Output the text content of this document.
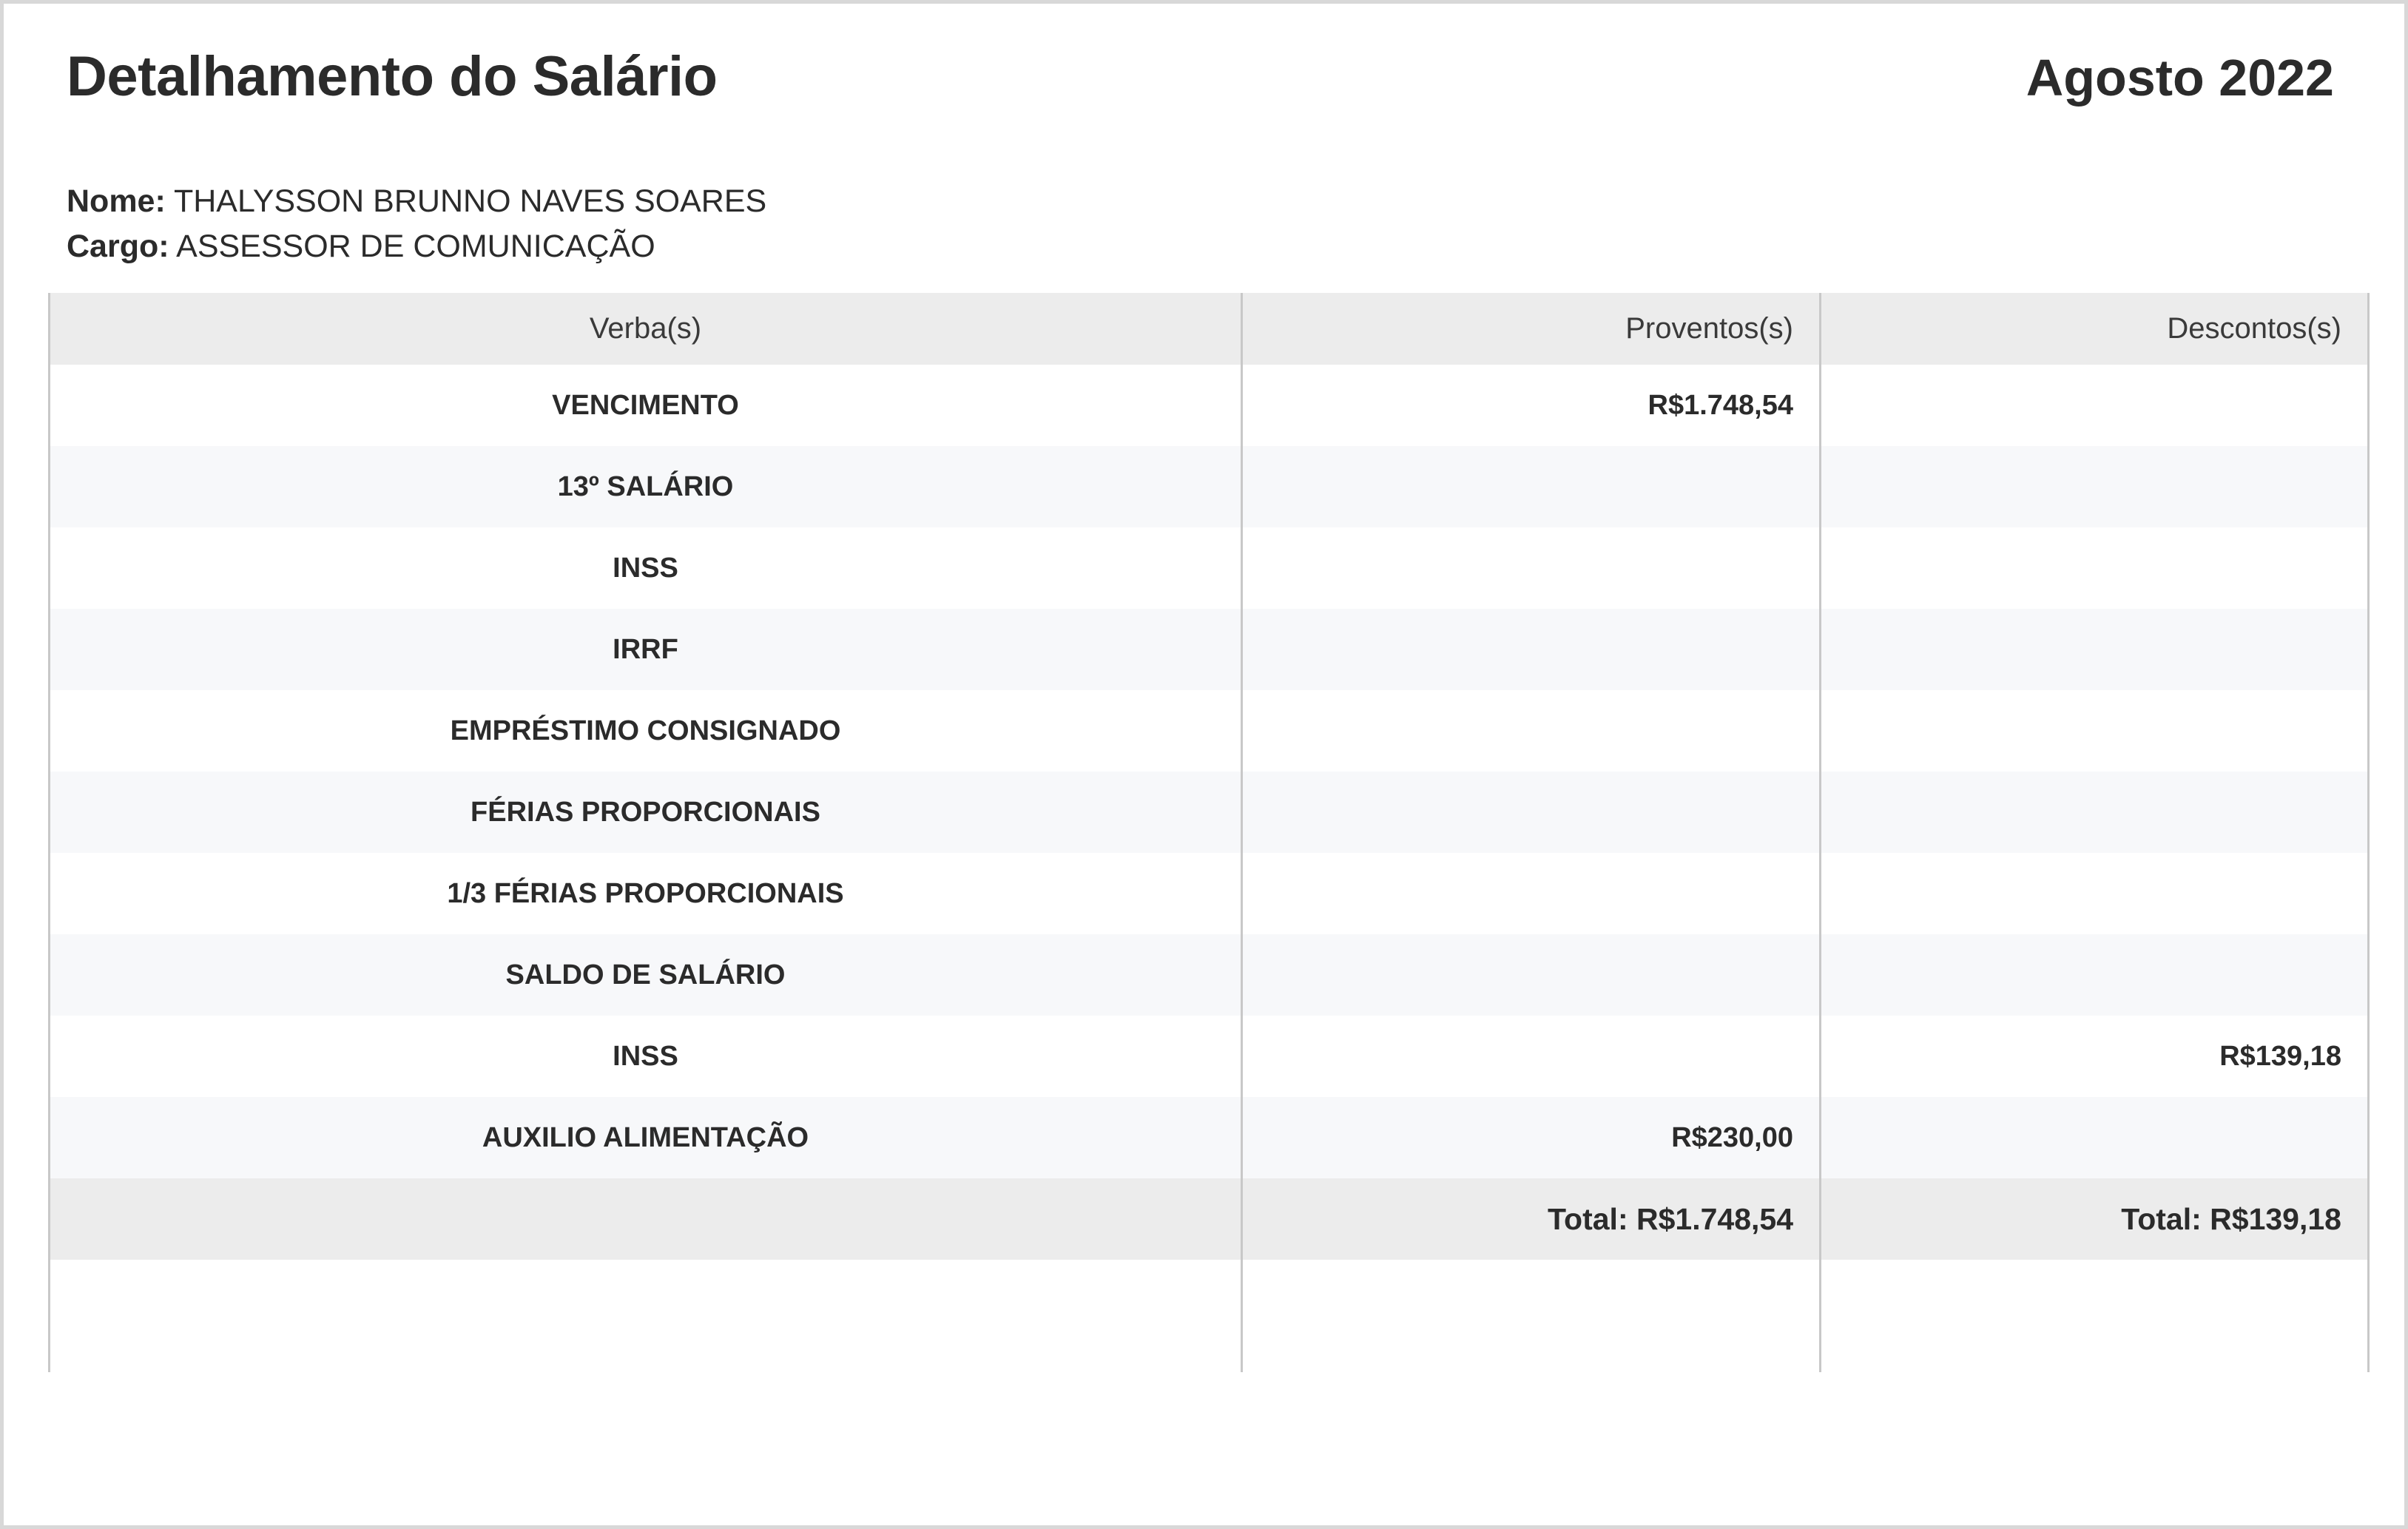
Detalhamento do Salário	Agosto 2022
Nome: THALYSSON BRUNNO NAVES SOARES
Cargo: ASSESSOR DE COMUNICAÇÃO
Verba(s)	Proventos(s)	Descontos(s)
VENCIMENTO	R$1.748,54	
13º SALÁRIO		
INSS		
IRRF		
EMPRÉSTIMO CONSIGNADO		
FÉRIAS PROPORCIONAIS		
1/3 FÉRIAS PROPORCIONAIS		
SALDO DE SALÁRIO		
INSS		R$139,18
AUXILIO ALIMENTAÇÃO	R$230,00	
	Total: R$1.748,54	Total: R$139,18
